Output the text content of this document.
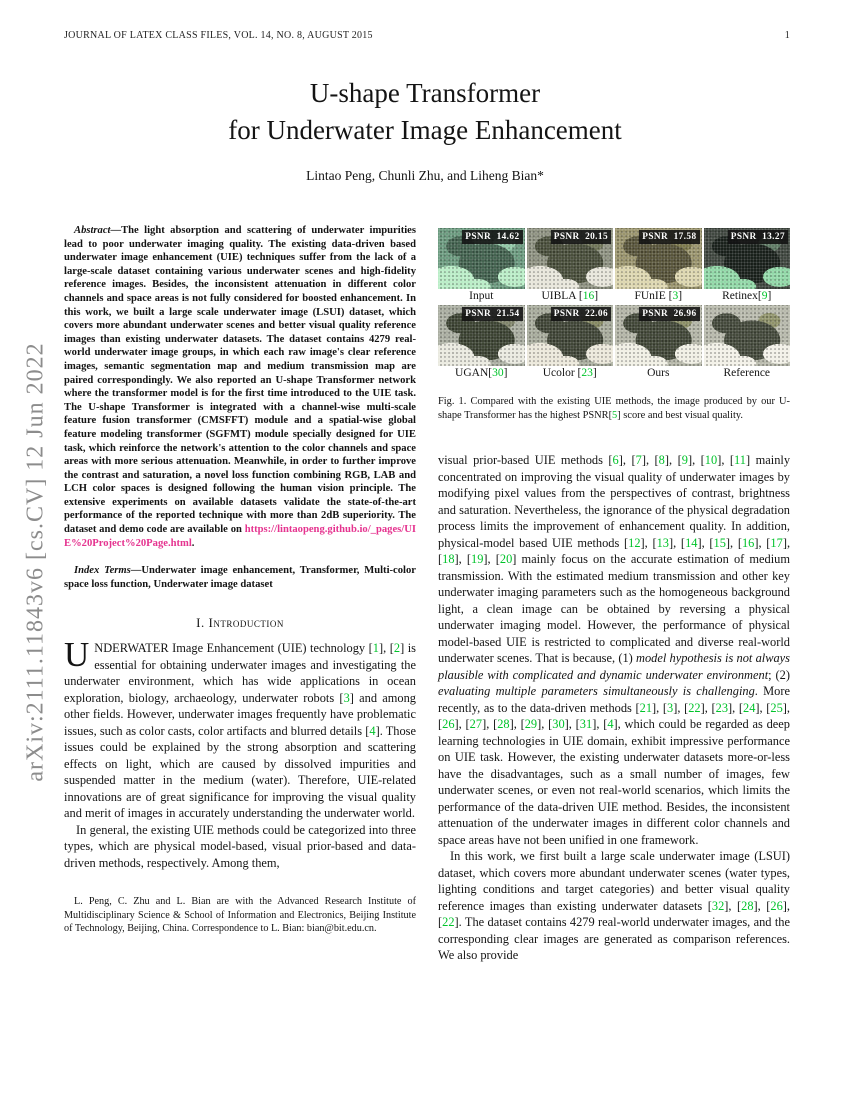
arXiv:2111.11843v6 [cs.CV] 12 Jun 2022
JOURNAL OF LATEX CLASS FILES, VOL. 14, NO. 8, AUGUST 2015	1
U-shape Transformer
for Underwater Image Enhancement
Lintao Peng, Chunli Zhu, and Liheng Bian*

Abstract—The light absorption and scattering of underwater impurities lead to poor underwater imaging quality. The existing data-driven based underwater image enhancement (UIE) techniques suffer from the lack of a large-scale dataset containing various underwater scenes and high-fidelity reference images. Besides, the inconsistent attenuation in different color channels and space areas is not fully considered for boosted enhancement. In this work, we built a large scale underwater image (LSUI) dataset, which covers more abundant underwater scenes and better visual quality reference images than existing underwater datasets. The dataset contains 4279 real-world underwater image groups, in which each raw image's clear reference images, semantic segmentation map and medium transmission map are paired correspondingly. We also reported an U-shape Transformer network where the transformer model is for the first time introduced to the UIE task. The U-shape Transformer is integrated with a channel-wise multi-scale feature fusion transformer (CMSFFT) module and a spatial-wise global feature modeling transformer (SGFMT) module specially designed for UIE task, which reinforce the network's attention to the color channels and space areas with more serious attenuation. Meanwhile, in order to further improve the contrast and saturation, a novel loss function combining RGB, LAB and LCH color spaces is designed following the human vision principle. The extensive experiments on available datasets validate the state-of-the-art performance of the reported technique with more than 2dB superiority. The dataset and demo code are available on https://lintaopeng.github.io/_pages/UIE%20Project%20Page.html.

Index Terms—Underwater image enhancement, Transformer, Multi-color space loss function, Underwater image dataset

I. Introduction

UNDERWATER Image Enhancement (UIE) technology [1], [2] is essential for obtaining underwater images and investigating the underwater environment, which has wide applications in ocean exploration, biology, archaeology, underwater robots [3] and among other fields. However, underwater images frequently have problematic issues, such as color casts, color artifacts and blurred details [4]. Those issues could be explained by the strong absorption and scattering effects on light, which are caused by dissolved impurities and suspended matter in the medium (water). Therefore, UIE-related innovations are of great significance for improving the visual quality and merit of images in accurately understanding the underwater world.

In general, the existing UIE methods could be categorized into three types, which are physical model-based, visual prior-based and data-driven methods, respectively. Among them,

L. Peng, C. Zhu and L. Bian are with the Advanced Research Institute of Multidisciplinary Science & School of Information and Electronics, Beijing Institute of Technology, Beijing, China. Correspondence to L. Bian: bian@bit.edu.cn.
PSNR  14.62
Input
PSNR  20.15
UIBLA [16]
PSNR  17.58
FUnIE [3]
PSNR  13.27
Retinex[9]
PSNR  21.54
UGAN[30]
PSNR  22.06
Ucolor [23]
PSNR  26.96
Ours	Reference
Fig. 1. Compared with the existing UIE methods, the image produced by our U-shape Transformer has the highest PSNR[5] score and best visual quality.

visual prior-based UIE methods [6], [7], [8], [9], [10], [11] mainly concentrated on improving the visual quality of underwater images by modifying pixel values from the perspectives of contrast, brightness and saturation. Nevertheless, the ignorance of the physical degradation process limits the improvement of enhancement quality. In addition, physical-model based UIE methods [12], [13], [14], [15], [16], [17], [18], [19], [20] mainly focus on the accurate estimation of medium transmission. With the estimated medium transmission and other key underwater imaging parameters such as the homogeneous background light, a clean image can be obtained by reversing a physical underwater imaging model. However, the performance of physical model-based UIE is restricted to complicated and diverse real-world underwater scenes. That is because, (1) model hypothesis is not always plausible with complicated and dynamic underwater environment; (2) evaluating multiple parameters simultaneously is challenging. More recently, as to the data-driven methods [21], [3], [22], [23], [24], [25], [26], [27], [28], [29], [30], [31], [4], which could be regarded as deep learning technologies in UIE domain, exhibit impressive performance on UIE task. However, the existing underwater datasets more-or-less have the disadvantages, such as a small number of images, few underwater scenes, or even not real-world scenarios, which limits the performance of the data-driven UIE method. Besides, the inconsistent attenuation of the underwater images in different color channels and space areas have not been unified in one framework.

In this work, we first built a large scale underwater image (LSUI) dataset, which covers more abundant underwater scenes (water types, lighting conditions and target categories) and better visual quality reference images than existing underwater datasets [32], [28], [26], [22]. The dataset contains 4279 real-world underwater images, and the corresponding clear images are generated as comparison references. We also provide
